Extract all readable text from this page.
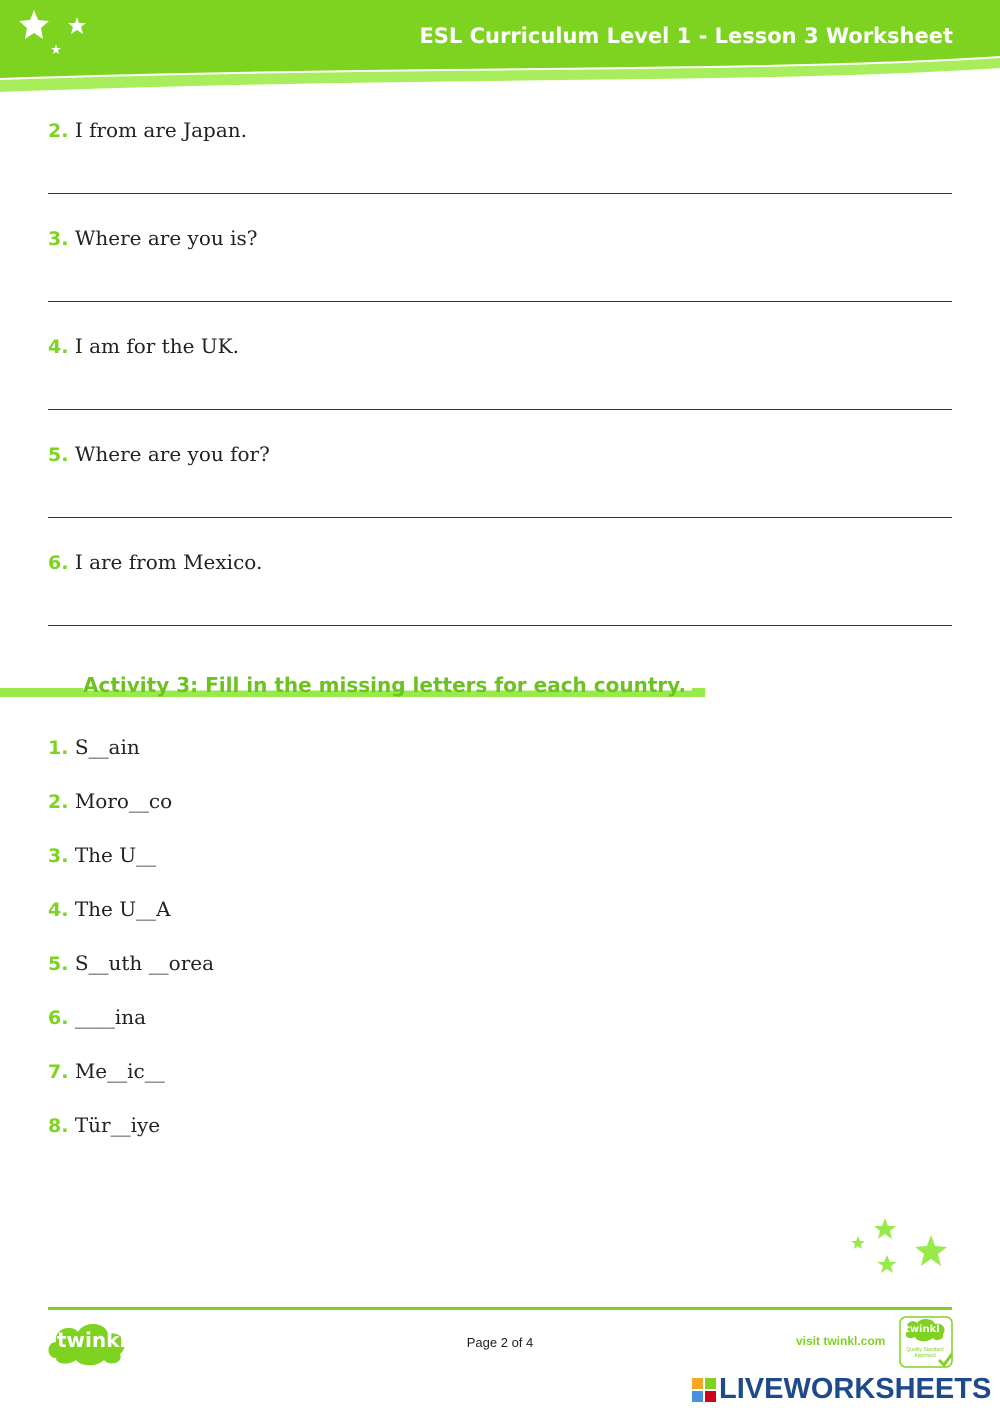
ESL Curriculum Level 1 - Lesson 3 Worksheet
2. I from are Japan.
3. Where are you is?
4. I am for the UK.
5. Where are you for?
6. I are from Mexico.
Activity 3: Fill in the missing letters for each country.
1. S__ain
2. Moro__co
3. The U__
4. The U__A
5. S__uth __orea
6. ____ina
7. Me__ic__
8. Tür__iye
twinkl	Page 2 of 4	visit twinkl.com
twinkl
Quality Standard Approved
LIVEWORKSHEETS
